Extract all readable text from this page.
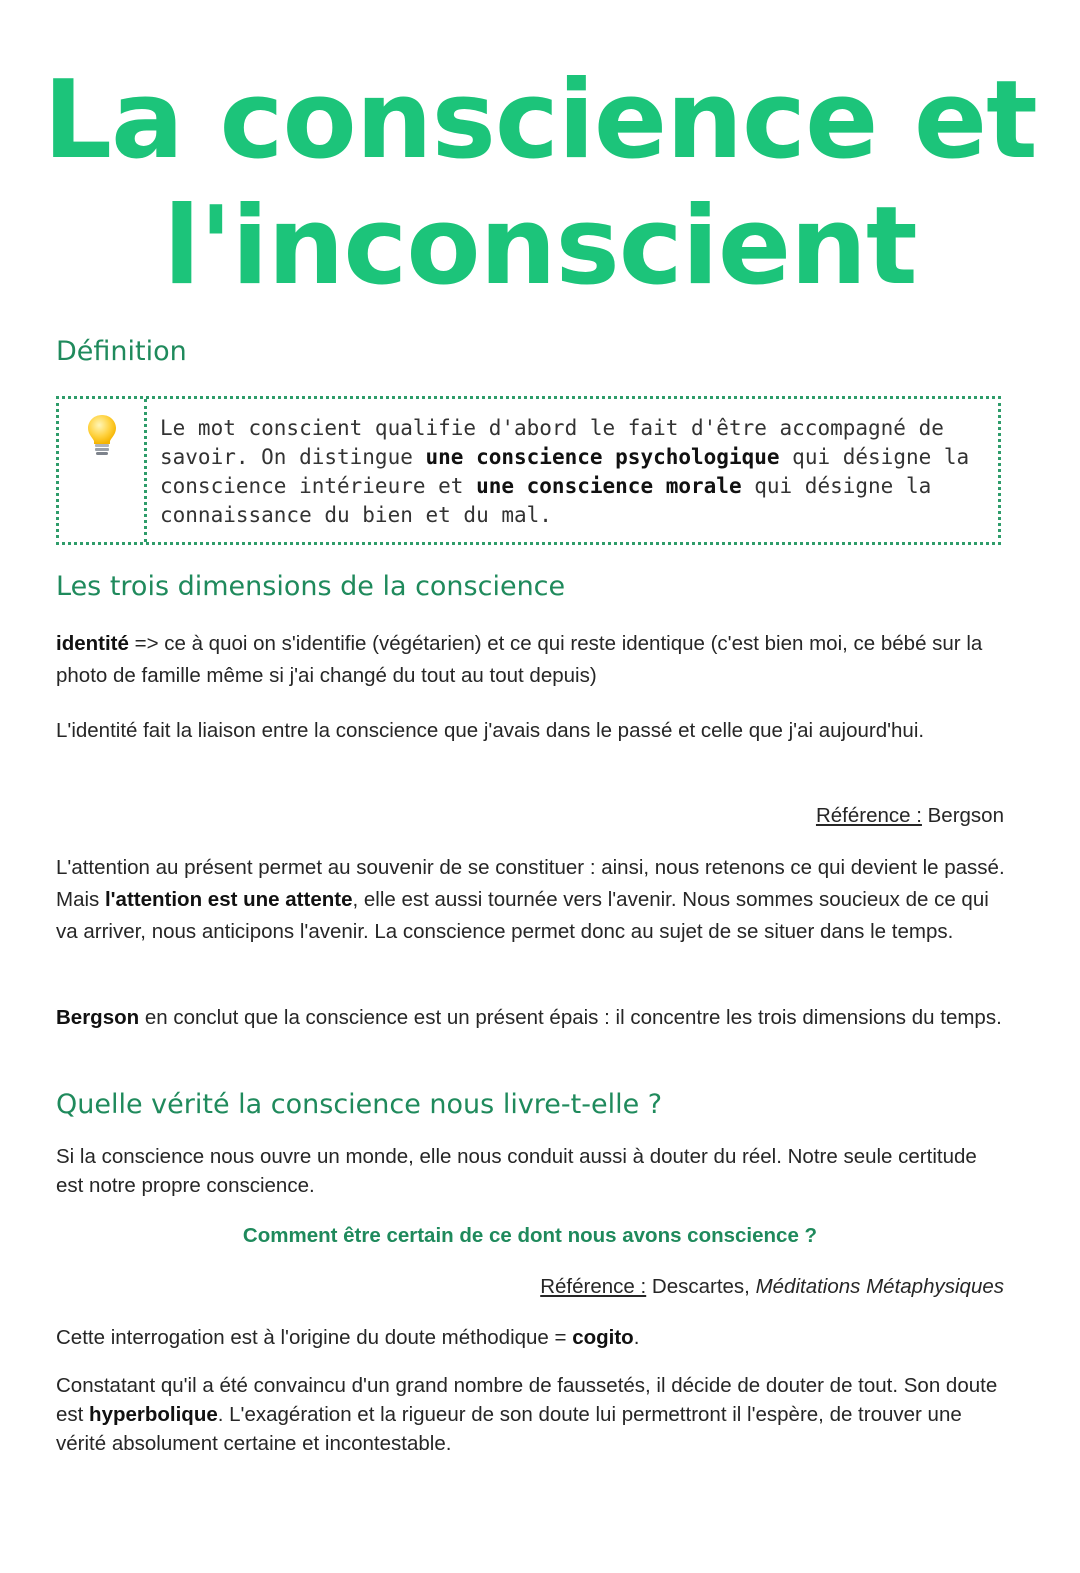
La conscience et
l'inconscient
Définition

Le mot conscient qualifie d'abord le fait d'être accompagné de savoir. On distingue une conscience psychologique qui désigne la conscience intérieure et une conscience morale qui désigne la connaissance du bien et du mal.

Les trois dimensions de la conscience

identité => ce à quoi on s'identifie (végétarien) et ce qui reste identique (c'est bien moi, ce bébé sur la photo de famille même si j'ai changé du tout au tout depuis)

L'identité fait la liaison entre la conscience que j'avais dans le passé et celle que j'ai aujourd'hui.

Référence : Bergson

L'attention au présent permet au souvenir de se constituer : ainsi, nous retenons ce qui devient le passé. Mais l'attention est une attente, elle est aussi tournée vers l'avenir. Nous sommes soucieux de ce qui va arriver, nous anticipons l'avenir. La conscience permet donc au sujet de se situer dans le temps.

Bergson en conclut que la conscience est un présent épais : il concentre les trois dimensions du temps.

Quelle vérité la conscience nous livre-t-elle ?

Si la conscience nous ouvre un monde, elle nous conduit aussi à douter du réel. Notre seule certitude est notre propre conscience.

Comment être certain de ce dont nous avons conscience ?

Référence : Descartes, Méditations Métaphysiques

Cette interrogation est à l'origine du doute méthodique = cogito.

Constatant qu'il a été convaincu d'un grand nombre de faussetés, il décide de douter de tout. Son doute est hyperbolique. L'exagération et la rigueur de son doute lui permettront il l'espère, de trouver une vérité absolument certaine et incontestable.
